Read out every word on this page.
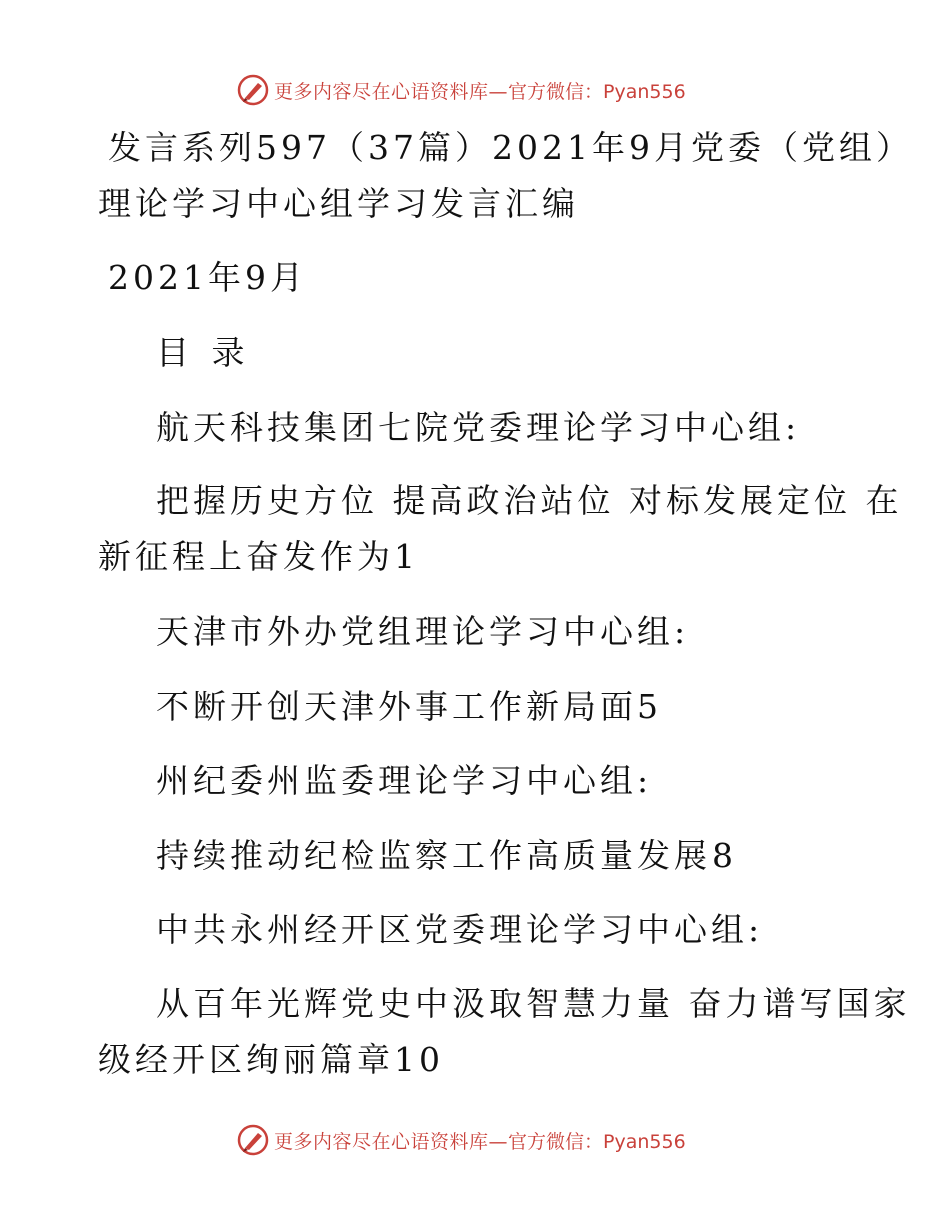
更多内容尽在心语资料库— 官方微信：Pyan556

发言系列597（37篇）2021年9月党委（党组）

理论学习中心组学习发言汇编

2021年9月

目 录

航天科技集团七院党委理论学习中心组:

把握历史方位 提高政治站位 对标发展定位 在

新征程上奋发作为1

天津市外办党组理论学习中心组:

不断开创天津外事工作新局面5

州纪委州监委理论学习中心组:

持续推动纪检监察工作高质量发展 8

中共永州经开区党委理论学习中心组:

从百年光辉党史中汲取智慧力量 奋力谱写国家

级经开区绚丽篇章10

更多内容尽在心语资料库— 官方微信：Pyan556
